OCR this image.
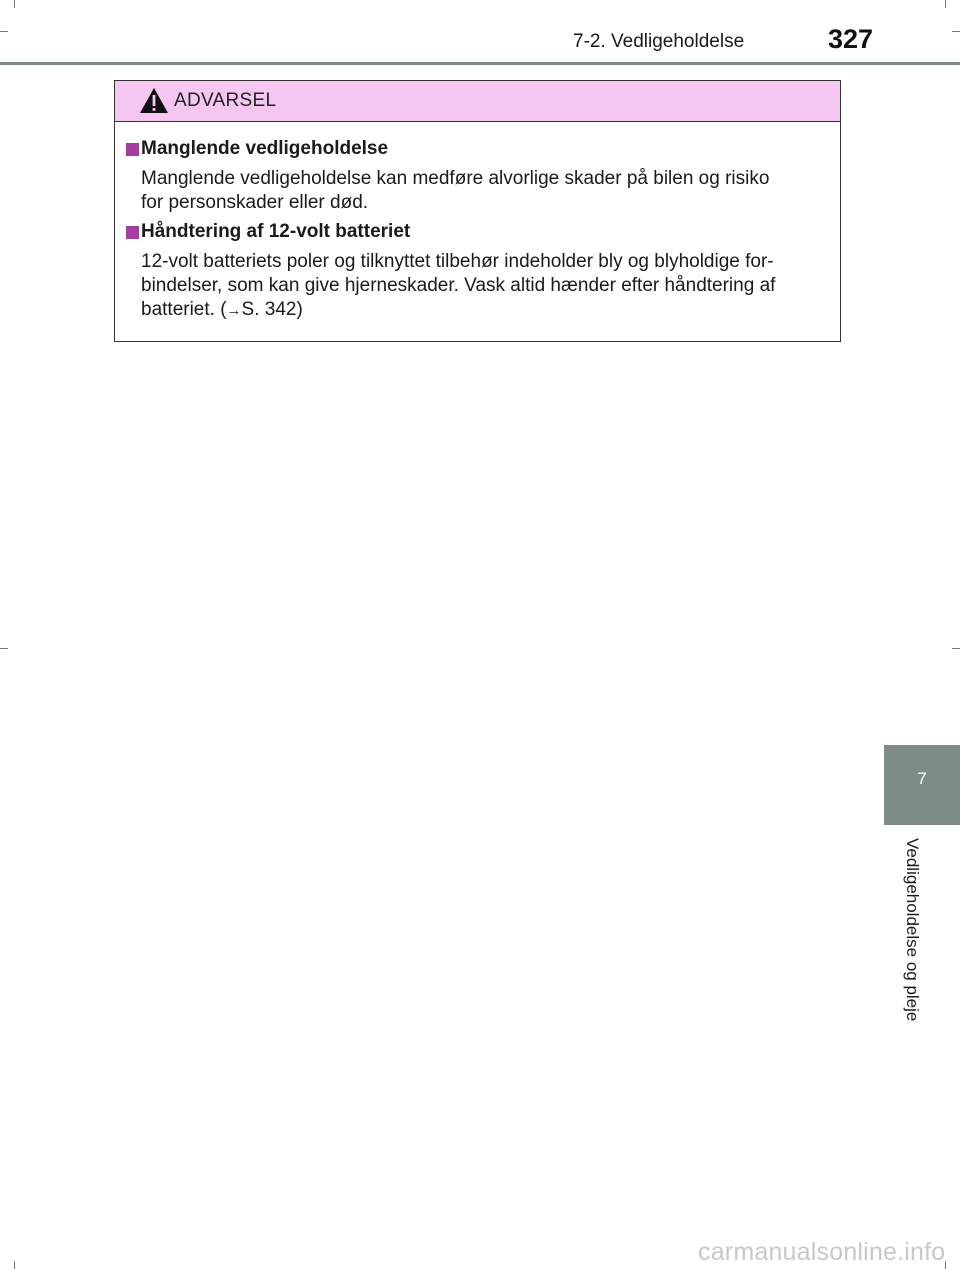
7-2. Vedligeholdelse	327
ADVARSEL
Manglende vedligeholdelse
Manglende vedligeholdelse kan medføre alvorlige skader på bilen og risiko
for personskader eller død.
Håndtering af 12-volt batteriet
12-volt batteriets poler og tilknyttet tilbehør indeholder bly og blyholdige for-
bindelser, som kan give hjerneskader. Vask altid hænder efter håndtering af
batteriet. (→S. 342)
7
Vedligeholdelse og pleje
carmanualsonline.info
